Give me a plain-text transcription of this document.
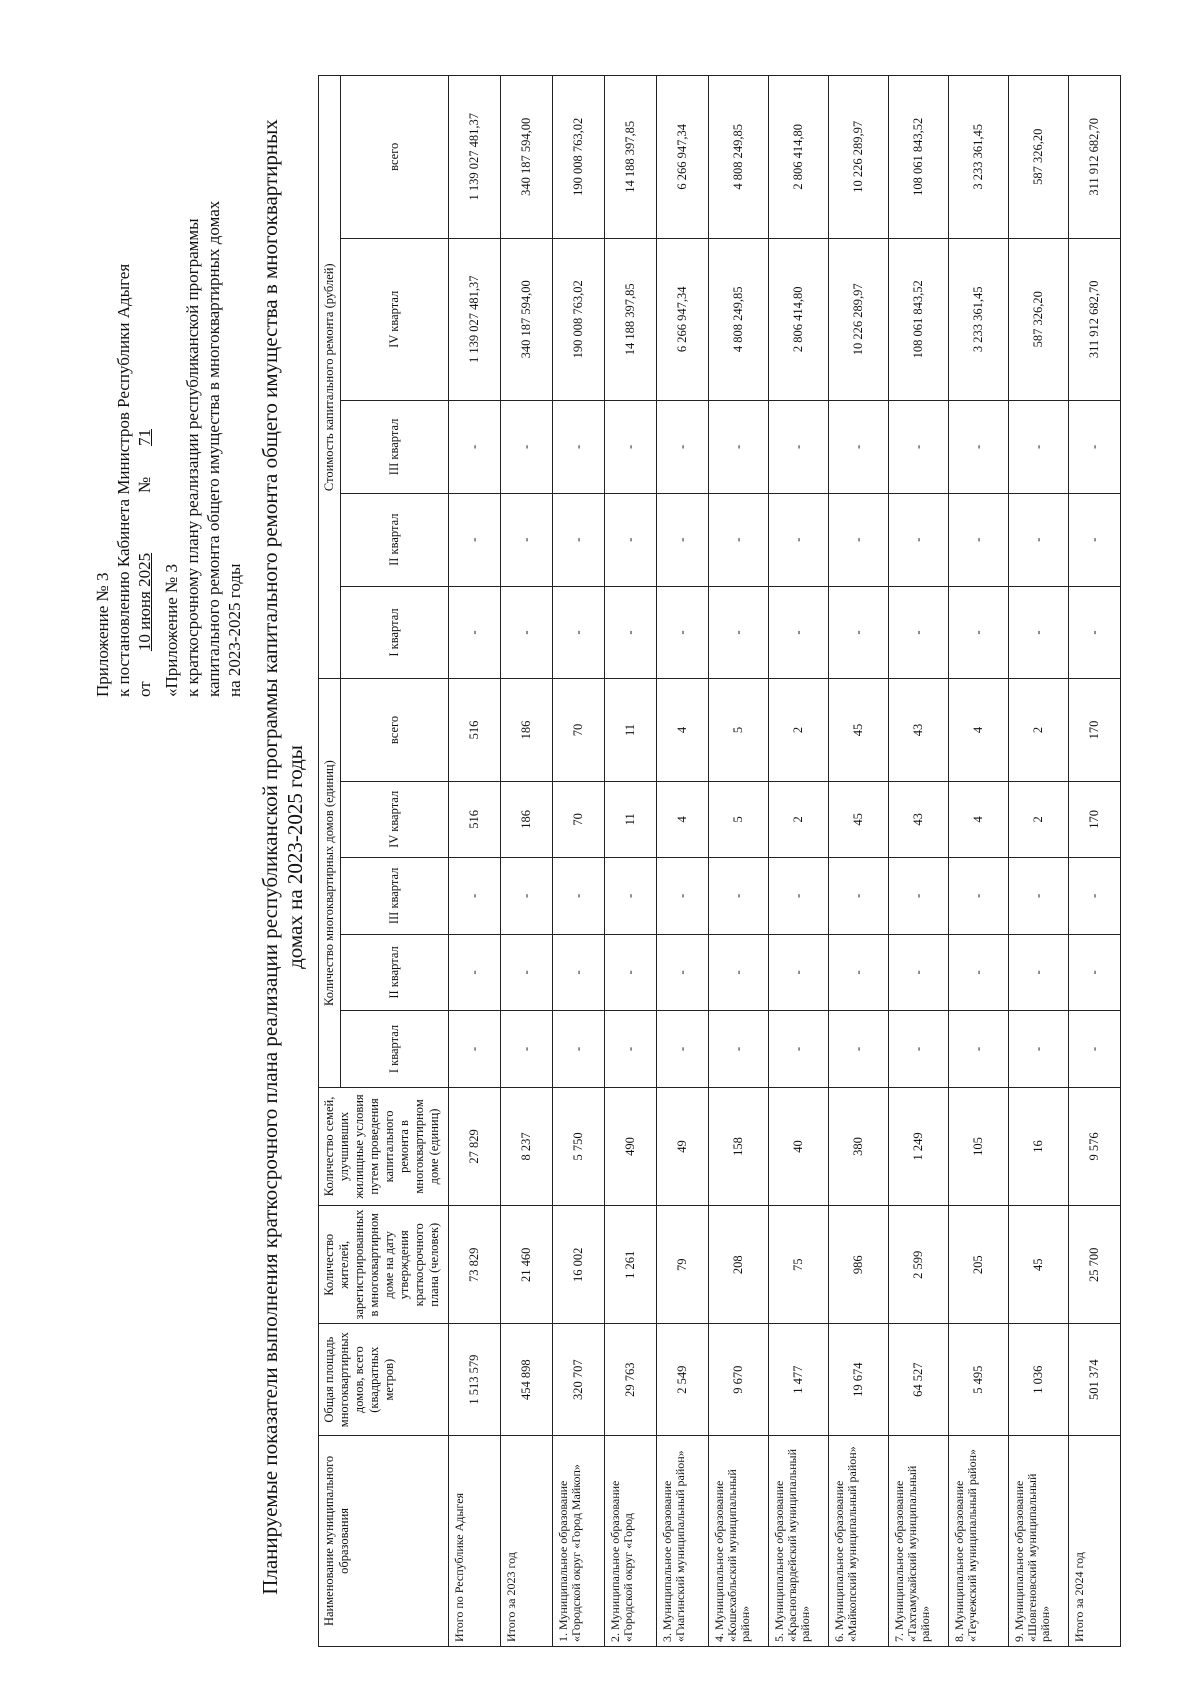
Приложение № 3 к постановлению Кабинета Министров Республики Адыгея от 10 июня 2025        № 71
«Приложение № 3 к краткосрочному плану реализации республиканской программы капитального ремонта общего имущества в многоквартирных домах на 2023-2025 годы Планируемые показатели выполнения краткосрочного плана реализации республиканской программы капитального ремонта общего имущества в многоквартирных домах на 2023-2025 годы
Наименование муниципального образования	Общая площадь многоквартирных домов, всего (квадратных метров)	Количество жителей, зарегистрированных в многоквартирном доме на дату утверждения краткосрочного плана (человек)	Количество семей, улучшивших жилищные условия путем проведения капитального ремонта в многоквартирном доме (единиц)	Количество многоквартирных домов (единиц)					Стоимость капитального ремонта (рублей)				
				I квартал	II квартал	III квартал	IV квартал	всего	I квартал	II квартал	III квартал	IV квартал	всего
Итого по Республике Адыгея	1 513 579	73 829	27 829	-	-	-	516	516	-	-	-	1 139 027 481,37	1 139 027 481,37
Итого за 2023 год	454 898	21 460	8 237	-	-	-	186	186	-	-	-	340 187 594,00	340 187 594,00
1. Муниципальное образование «Городской округ «Город Майкоп»	320 707	16 002	5 750	-	-	-	70	70	-	-	-	190 008 763,02	190 008 763,02
2. Муниципальное образование «Городской округ «Город	29 763	1 261	490	-	-	-	11	11	-	-	-	14 188 397,85	14 188 397,85
3. Муниципальное образование «Гиагинский муниципальный район»	2 549	79	49	-	-	-	4	4	-	-	-	6 266 947,34	6 266 947,34
4. Муниципальное образование «Кошехабльский муниципальный район»	9 670	208	158	-	-	-	5	5	-	-	-	4 808 249,85	4 808 249,85
5. Муниципальное образование «Красногвардейский муниципальный район»	1 477	75	40	-	-	-	2	2	-	-	-	2 806 414,80	2 806 414,80
6. Муниципальное образование «Майкопский муниципальный район»	19 674	986	380	-	-	-	45	45	-	-	-	10 226 289,97	10 226 289,97
7. Муниципальное образование «Тахтамукайский муниципальный район»	64 527	2 599	1 249	-	-	-	43	43	-	-	-	108 061 843,52	108 061 843,52
8. Муниципальное образование «Теучежский муниципальный район»	5 495	205	105	-	-	-	4	4	-	-	-	3 233 361,45	3 233 361,45
9. Муниципальное образование «Шовгеновский муниципальный район»	1 036	45	16	-	-	-	2	2	-	-	-	587 326,20	587 326,20
Итого за 2024 год	501 374	25 700	9 576	-	-	-	170	170	-	-	-	311 912 682,70	311 912 682,70
